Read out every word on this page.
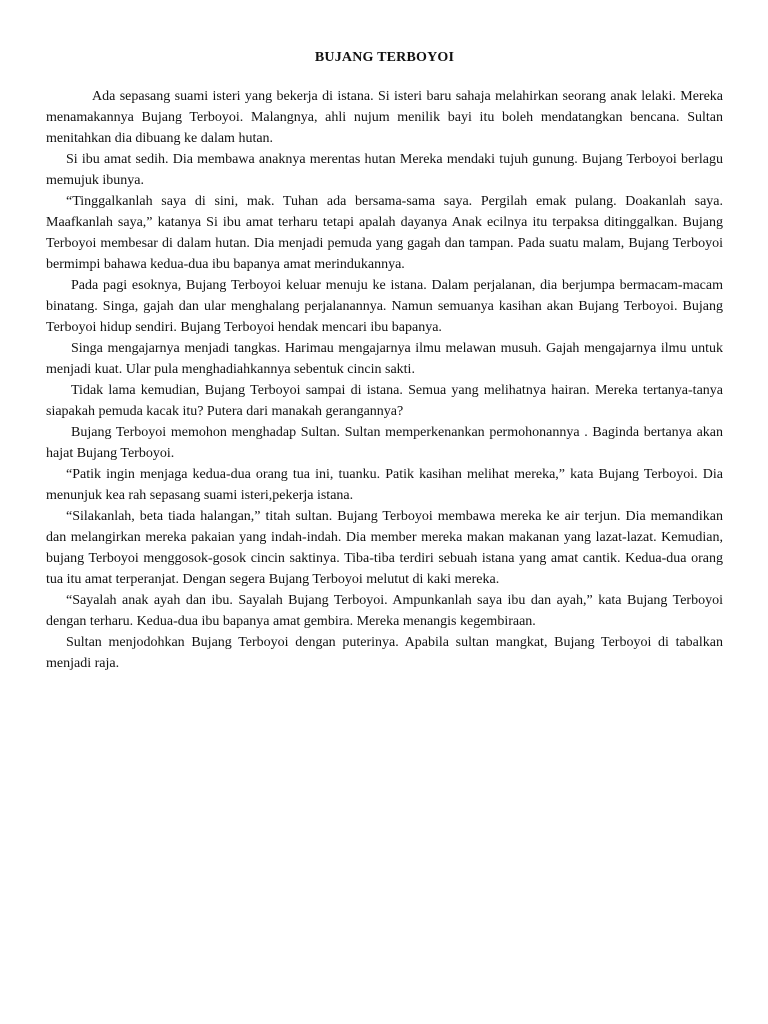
BUJANG TERBOYOI

Ada sepasang suami isteri yang bekerja di istana. Si isteri baru sahaja melahirkan seorang anak lelaki. Mereka menamakannya Bujang Terboyoi. Malangnya, ahli nujum menilik bayi itu boleh mendatangkan bencana. Sultan menitahkan dia dibuang ke dalam hutan.

Si ibu amat sedih. Dia membawa anaknya merentas hutan Mereka mendaki tujuh gunung. Bujang Terboyoi berlagu memujuk ibunya.

“Tinggalkanlah saya di sini, mak. Tuhan ada bersama-sama saya. Pergilah emak pulang. Doakanlah saya. Maafkanlah saya,” katanya Si ibu amat terharu tetapi apalah dayanya Anak ecilnya itu terpaksa ditinggalkan. Bujang Terboyoi membesar di dalam hutan. Dia menjadi pemuda yang gagah dan tampan. Pada suatu malam, Bujang Terboyoi bermimpi bahawa kedua-dua ibu bapanya amat merindukannya.

Pada pagi esoknya, Bujang Terboyoi keluar menuju ke istana. Dalam perjalanan, dia berjumpa bermacam-macam binatang. Singa, gajah dan ular menghalang perjalanannya. Namun semuanya kasihan akan Bujang Terboyoi. Bujang Terboyoi hidup sendiri. Bujang Terboyoi hendak mencari ibu bapanya.

Singa mengajarnya menjadi tangkas. Harimau mengajarnya ilmu melawan musuh. Gajah mengajarnya ilmu untuk menjadi kuat. Ular pula menghadiahkannya sebentuk cincin sakti.

Tidak lama kemudian, Bujang Terboyoi sampai di istana. Semua yang melihatnya hairan. Mereka tertanya-tanya siapakah pemuda kacak itu? Putera dari manakah gerangannya?

Bujang Terboyoi memohon menghadap Sultan. Sultan memperkenankan permohonannya . Baginda bertanya akan hajat Bujang Terboyoi.

“Patik ingin menjaga kedua-dua orang tua ini, tuanku. Patik kasihan melihat mereka,” kata Bujang Terboyoi. Dia menunjuk kea rah sepasang suami isteri,pekerja istana.

“Silakanlah, beta tiada halangan,” titah sultan. Bujang Terboyoi membawa mereka ke air terjun. Dia memandikan dan melangirkan mereka pakaian yang indah-indah. Dia member mereka makan makanan yang lazat-lazat. Kemudian, bujang Terboyoi menggosok-gosok cincin saktinya. Tiba-tiba terdiri sebuah istana yang amat cantik. Kedua-dua orang tua itu amat terperanjat. Dengan segera Bujang Terboyoi melutut di kaki mereka.

“Sayalah anak ayah dan ibu. Sayalah Bujang Terboyoi. Ampunkanlah saya ibu dan ayah,” kata Bujang Terboyoi dengan terharu. Kedua-dua ibu bapanya amat gembira. Mereka menangis kegembiraan.

Sultan menjodohkan Bujang Terboyoi dengan puterinya. Apabila sultan mangkat, Bujang Terboyoi di tabalkan menjadi raja.
